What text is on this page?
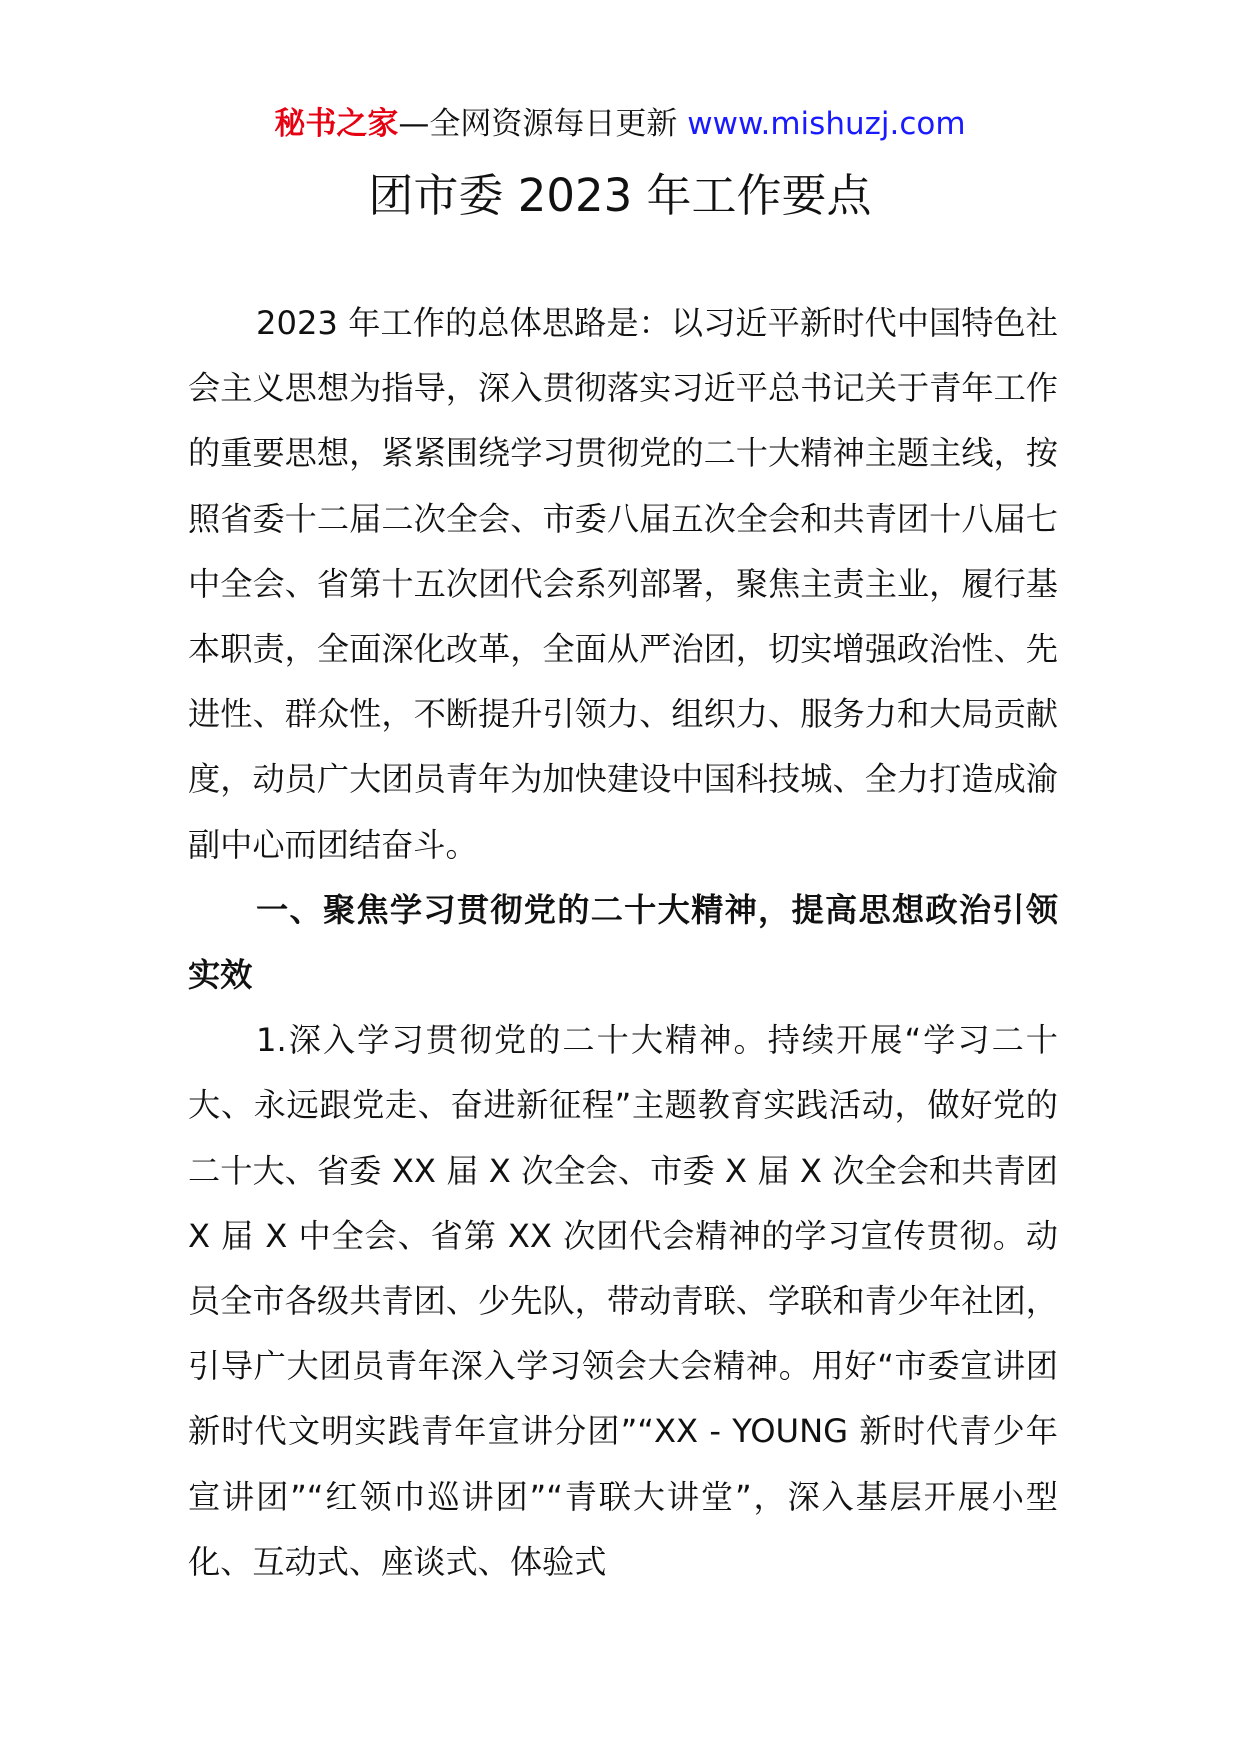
秘书之家—全网资源每日更新 www.mishuzj.com
团市委 2023 年工作要点

2023 年工作的总体思路是：以习近平新时代中国特色社会主义思想为指导，深入贯彻落实习近平总书记关于青年工作的重要思想，紧紧围绕学习贯彻党的二十大精神主题主线，按照省委十二届二次全会、市委八届五次全会和共青团十八届七中全会、省第十五次团代会系列部署，聚焦主责主业，履行基本职责，全面深化改革，全面从严治团，切实增强政治性、先进性、群众性，不断提升引领力、组织力、服务力和大局贡献度，动员广大团员青年为加快建设中国科技城、全力打造成渝副中心而团结奋斗。

一、聚焦学习贯彻党的二十大精神，提高思想政治引领实效

1.深入学习贯彻党的二十大精神。持续开展“学习二十大、永远跟党走、奋进新征程”主题教育实践活动，做好党的二十大、省委 XX 届 X 次全会、市委 X 届 X 次全会和共青团 X 届 X 中全会、省第 XX 次团代会精神的学习宣传贯彻。动员全市各级共青团、少先队，带动青联、学联和青少年社团，引导广大团员青年深入学习领会大会精神。用好“市委宣讲团新时代文明实践青年宣讲分团”“XX - YOUNG 新时代青少年宣讲团”“红领巾巡讲团”“青联大讲堂”，深入基层开展小型化、互动式、座谈式、体验式
